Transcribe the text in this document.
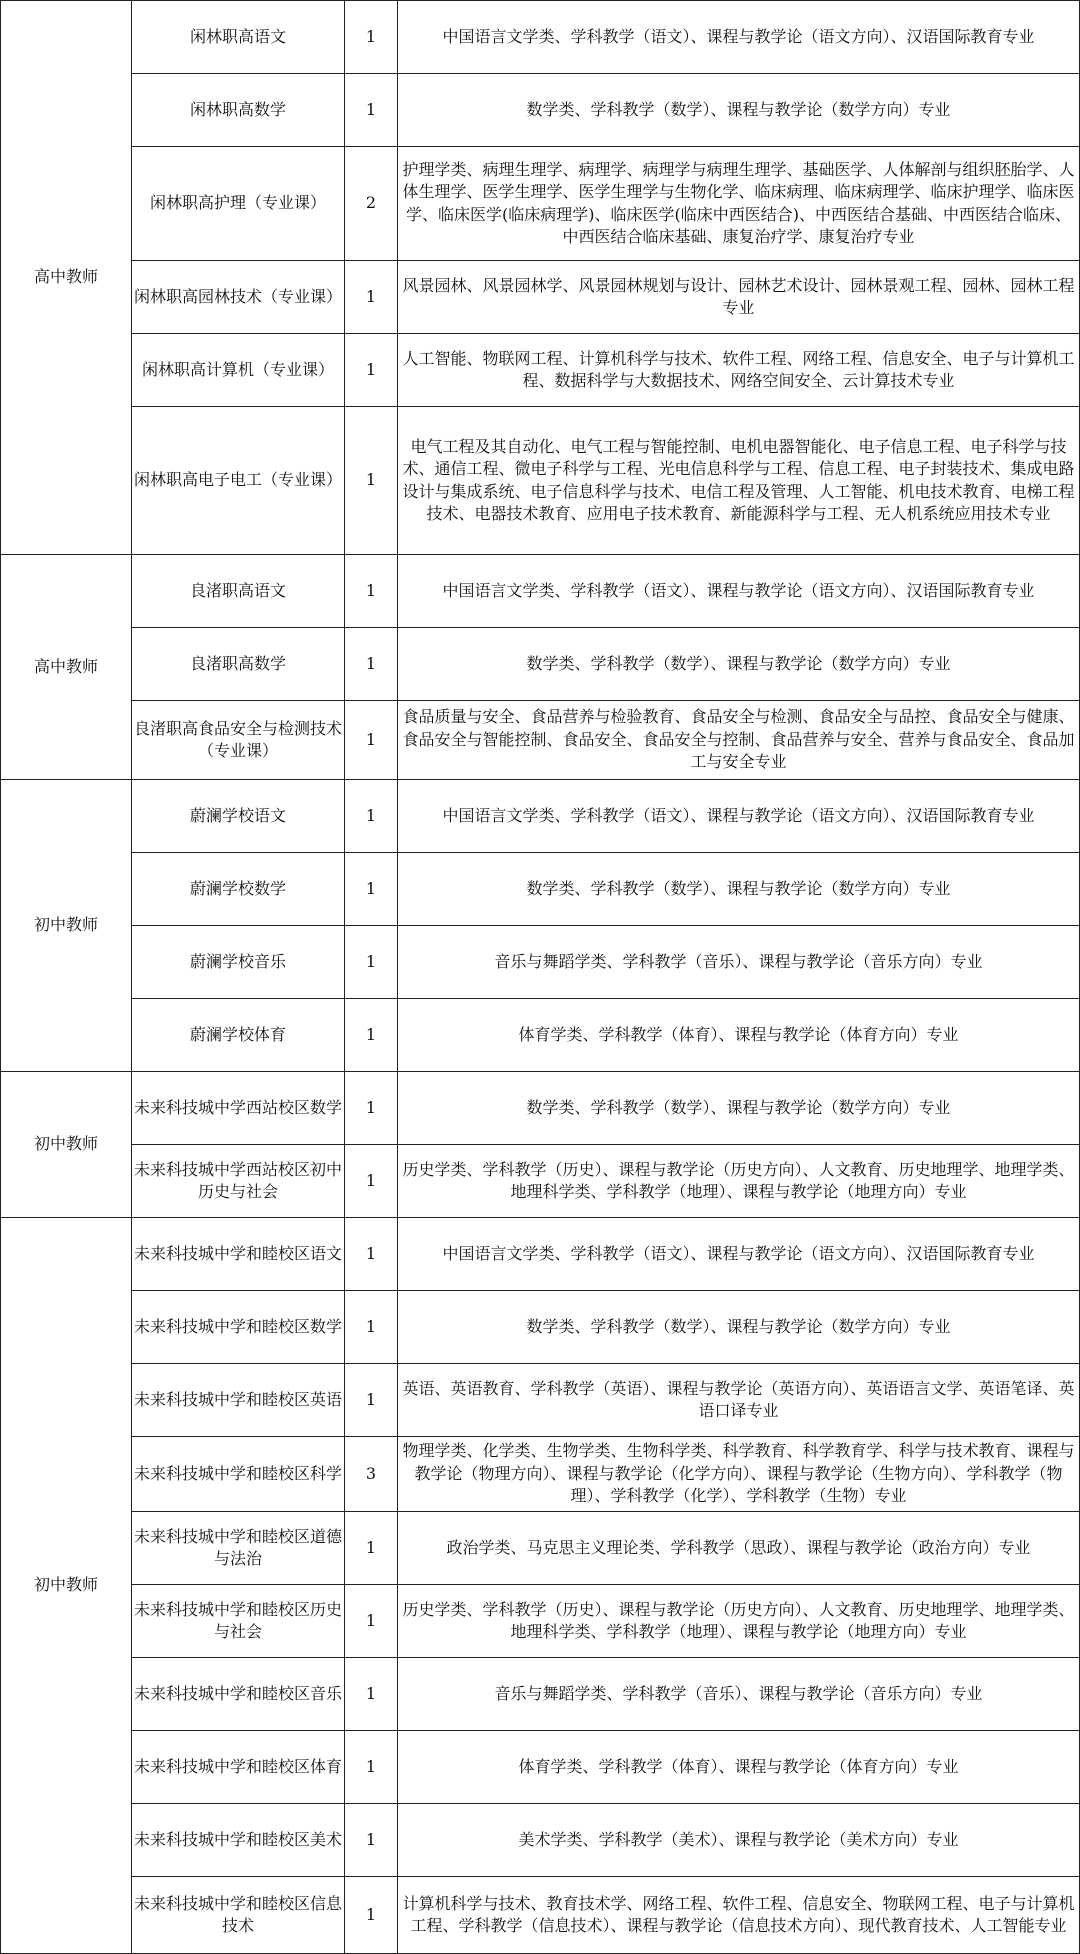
高中教师	闲林职高语文	1	中国语言文学类、学科教学（语文）、课程与教学论（语文方向）、汉语国际教育专业
	闲林职高数学	1	数学类、学科教学（数学）、课程与教学论（数学方向）专业
	闲林职高护理（专业课）	2	护理学类、病理生理学、病理学、病理学与病理生理学、基础医学、人体解剖与组织胚胎学、人体生理学、医学生理学、医学生理学与生物化学、临床病理、临床病理学、临床护理学、临床医学、临床医学(临床病理学)、临床医学(临床中西医结合)、中西医结合基础、中西医结合临床、中西医结合临床基础、康复治疗学、康复治疗专业
	闲林职高园林技术（专业课）	1	风景园林、风景园林学、风景园林规划与设计、园林艺术设计、园林景观工程、园林、园林工程专业
	闲林职高计算机（专业课）	1	人工智能、物联网工程、计算机科学与技术、软件工程、网络工程、信息安全、电子与计算机工程、数据科学与大数据技术、网络空间安全、云计算技术专业
	闲林职高电子电工（专业课）	1	电气工程及其自动化、电气工程与智能控制、电机电器智能化、电子信息工程、电子科学与技术、通信工程、微电子科学与工程、光电信息科学与工程、信息工程、电子封装技术、集成电路设计与集成系统、电子信息科学与技术、电信工程及管理、人工智能、机电技术教育、电梯工程技术、电器技术教育、应用电子技术教育、新能源科学与工程、无人机系统应用技术专业
高中教师	良渚职高语文	1	中国语言文学类、学科教学（语文）、课程与教学论（语文方向）、汉语国际教育专业
	良渚职高数学	1	数学类、学科教学（数学）、课程与教学论（数学方向）专业
	良渚职高食品安全与检测技术（专业课）	1	食品质量与安全、食品营养与检验教育、食品安全与检测、食品安全与品控、食品安全与健康、食品安全与智能控制、食品安全、食品安全与控制、食品营养与安全、营养与食品安全、食品加工与安全专业
初中教师	蔚澜学校语文	1	中国语言文学类、学科教学（语文）、课程与教学论（语文方向）、汉语国际教育专业
	蔚澜学校数学	1	数学类、学科教学（数学）、课程与教学论（数学方向）专业
	蔚澜学校音乐	1	音乐与舞蹈学类、学科教学（音乐）、课程与教学论（音乐方向）专业
	蔚澜学校体育	1	体育学类、学科教学（体育）、课程与教学论（体育方向）专业
初中教师	未来科技城中学西站校区数学	1	数学类、学科教学（数学）、课程与教学论（数学方向）专业
	未来科技城中学西站校区初中历史与社会	1	历史学类、学科教学（历史）、课程与教学论（历史方向）、人文教育、历史地理学、地理学类、地理科学类、学科教学（地理）、课程与教学论（地理方向）专业
初中教师	未来科技城中学和睦校区语文	1	中国语言文学类、学科教学（语文）、课程与教学论（语文方向）、汉语国际教育专业
	未来科技城中学和睦校区数学	1	数学类、学科教学（数学）、课程与教学论（数学方向）专业
	未来科技城中学和睦校区英语	1	英语、英语教育、学科教学（英语）、课程与教学论（英语方向）、英语语言文学、英语笔译、英语口译专业
	未来科技城中学和睦校区科学	3	物理学类、化学类、生物学类、生物科学类、科学教育、科学教育学、科学与技术教育、课程与教学论（物理方向）、课程与教学论（化学方向）、课程与教学论（生物方向）、学科教学（物理）、学科教学（化学）、学科教学（生物）专业
	未来科技城中学和睦校区道德与法治	1	政治学类、马克思主义理论类、学科教学（思政）、课程与教学论（政治方向）专业
	未来科技城中学和睦校区历史与社会	1	历史学类、学科教学（历史）、课程与教学论（历史方向）、人文教育、历史地理学、地理学类、地理科学类、学科教学（地理）、课程与教学论（地理方向）专业
	未来科技城中学和睦校区音乐	1	音乐与舞蹈学类、学科教学（音乐）、课程与教学论（音乐方向）专业
	未来科技城中学和睦校区体育	1	体育学类、学科教学（体育）、课程与教学论（体育方向）专业
	未来科技城中学和睦校区美术	1	美术学类、学科教学（美术）、课程与教学论（美术方向）专业
	未来科技城中学和睦校区信息技术	1	计算机科学与技术、教育技术学、网络工程、软件工程、信息安全、物联网工程、电子与计算机工程、学科教学（信息技术）、课程与教学论（信息技术方向）、现代教育技术、人工智能专业
